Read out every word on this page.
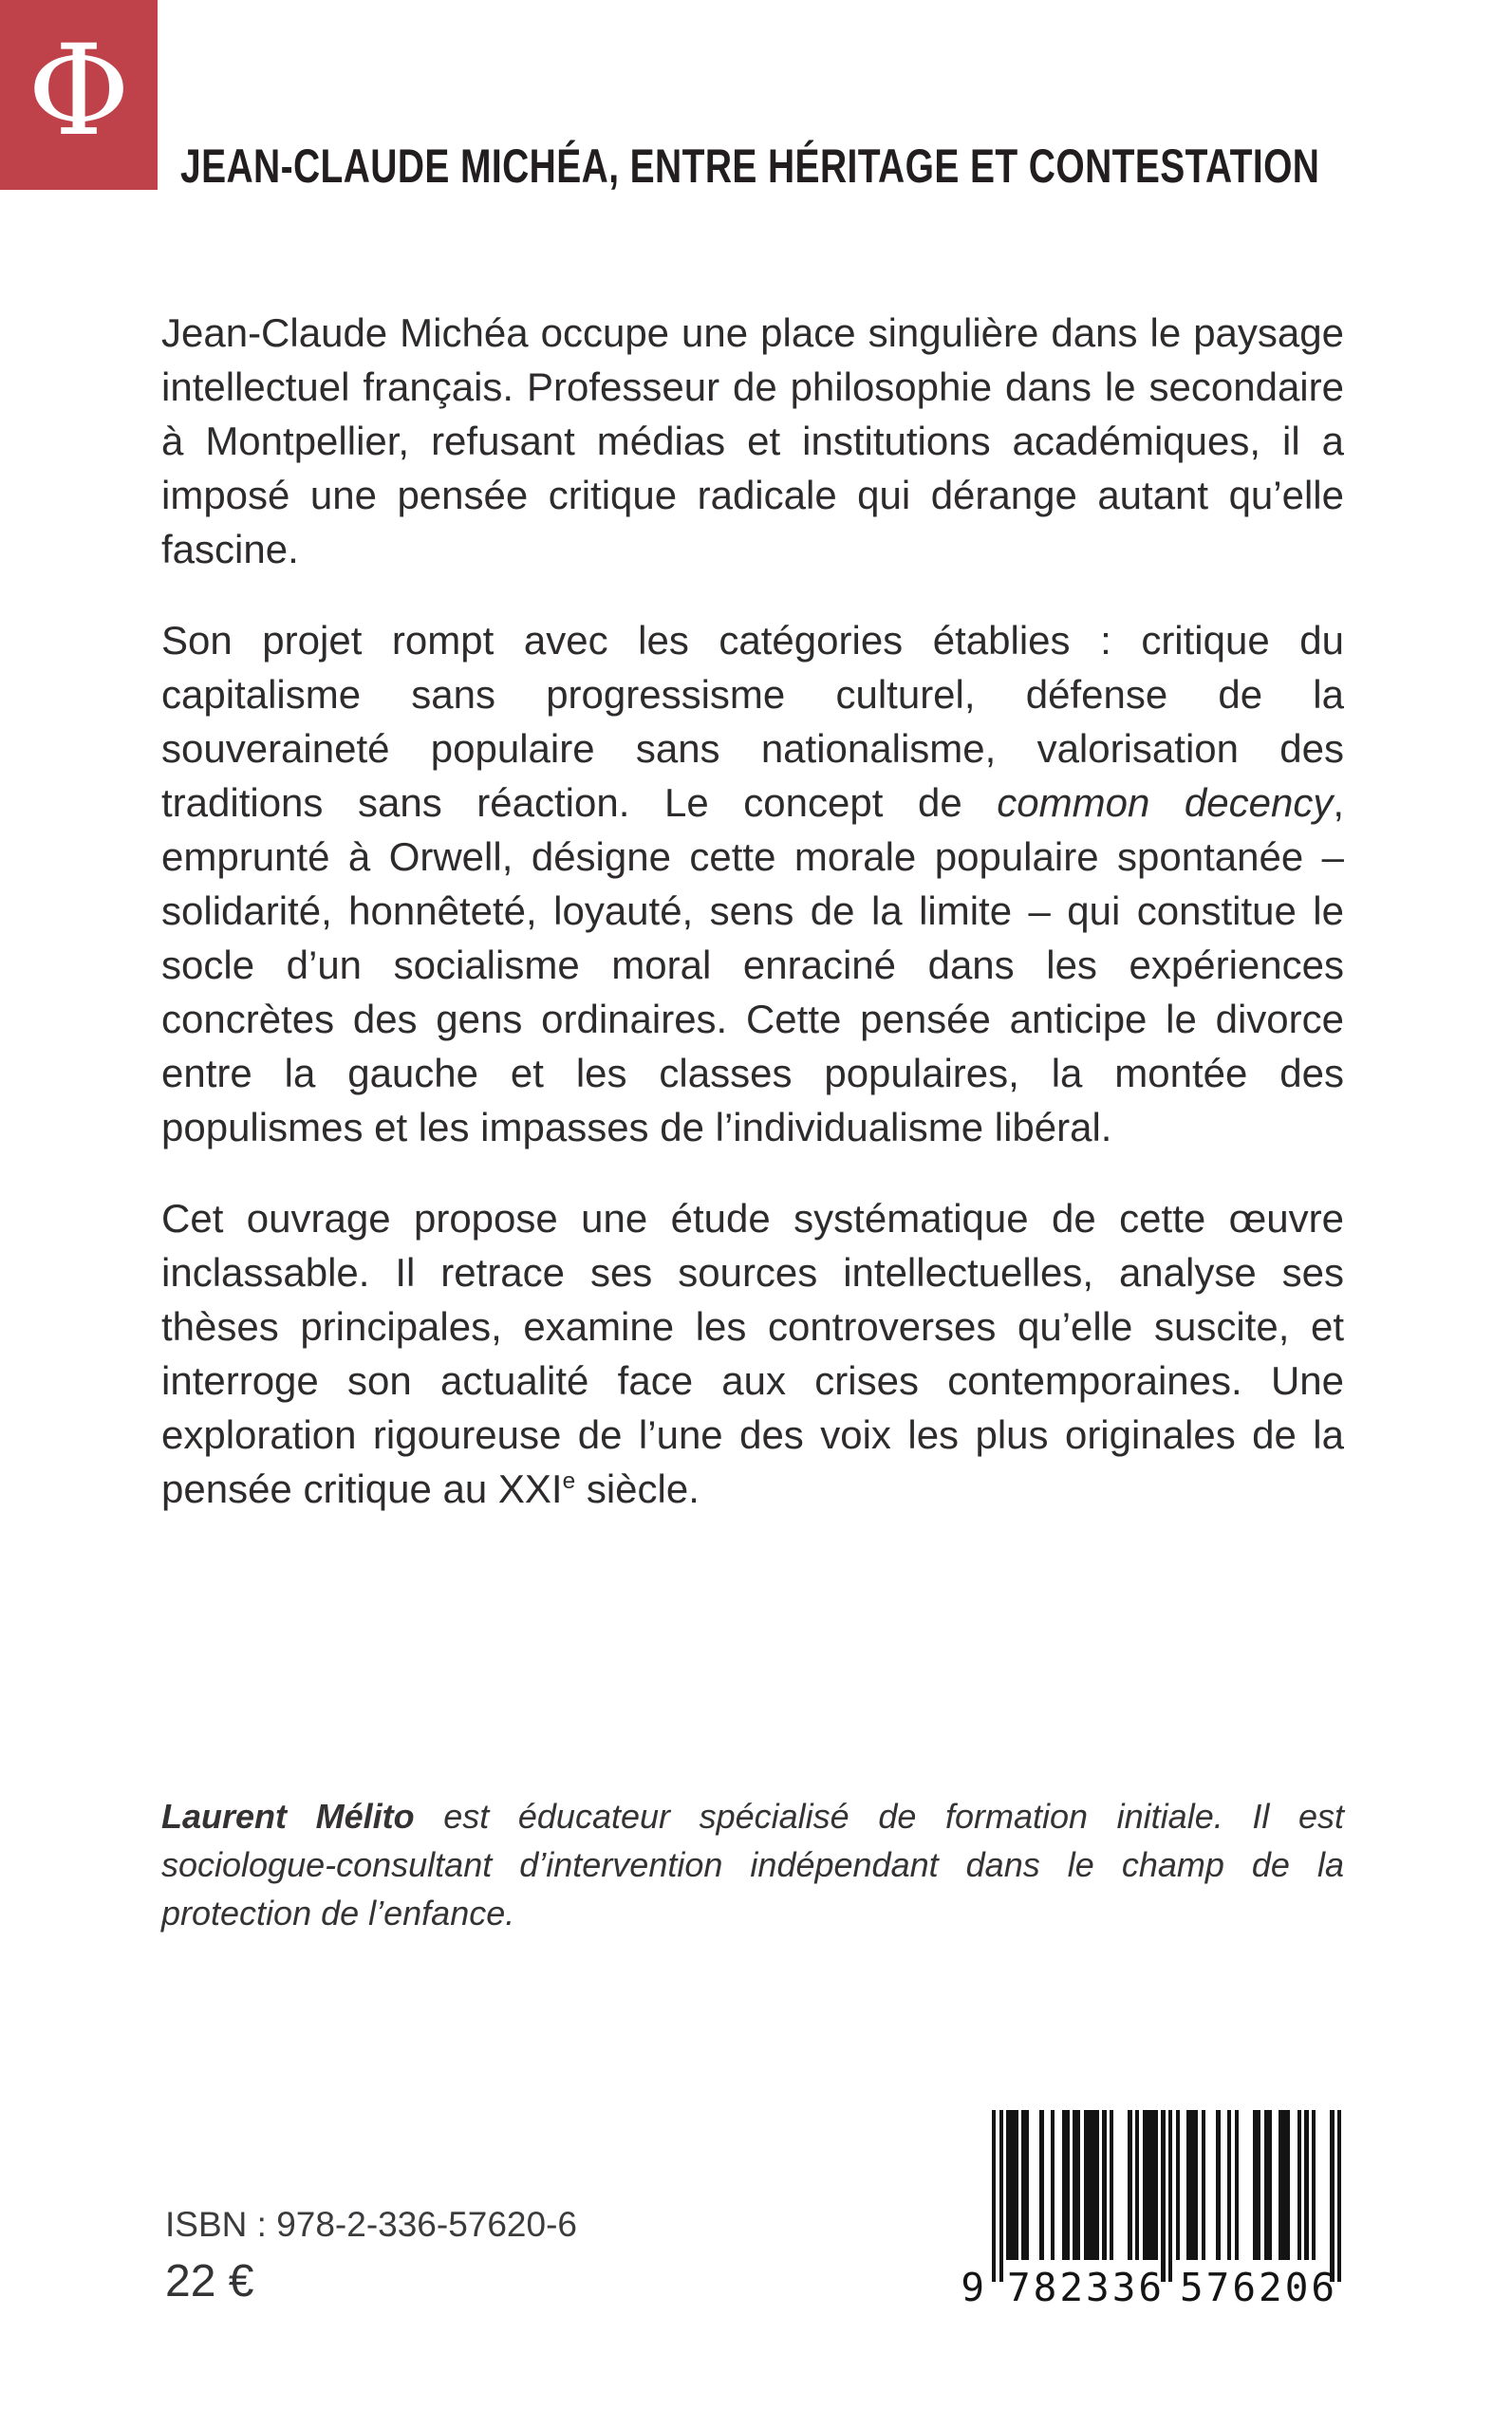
Φ
JEAN-CLAUDE MICHÉA, ENTRE HÉRITAGE ET CONTESTATION

Jean-Claude Michéa occupe une place singulière dans le paysage intellectuel français. Professeur de philosophie dans le secondaire à Montpellier, refusant médias et institutions académiques, il a imposé une pensée critique radicale qui dérange autant qu’elle fascine.

Son projet rompt avec les catégories établies : critique du capitalisme sans progressisme culturel, défense de la souveraineté populaire sans nationalisme, valorisation des traditions sans réaction. Le concept de common decency, emprunté à Orwell, désigne cette morale populaire spontanée – solidarité, honnêteté, loyauté, sens de la limite – qui constitue le socle d’un socialisme moral enraciné dans les expériences concrètes des gens ordinaires. Cette pensée anticipe le divorce entre la gauche et les classes populaires, la montée des populismes et les impasses de l’individualisme libéral.

Cet ouvrage propose une étude systématique de cette œuvre inclassable. Il retrace ses sources intellectuelles, analyse ses thèses principales, examine les controverses qu’elle suscite, et interroge son actualité face aux crises contemporaines. Une exploration rigoureuse de l’une des voix les plus originales de la pensée critique au XXIe siècle.

Laurent Mélito est éducateur spécialisé de formation initiale. Il est sociologue-consultant d’intervention indépendant dans le champ de la protection de l’enfance.
ISBN : 978-2-336-57620-6
22 €	9 782336 576206
